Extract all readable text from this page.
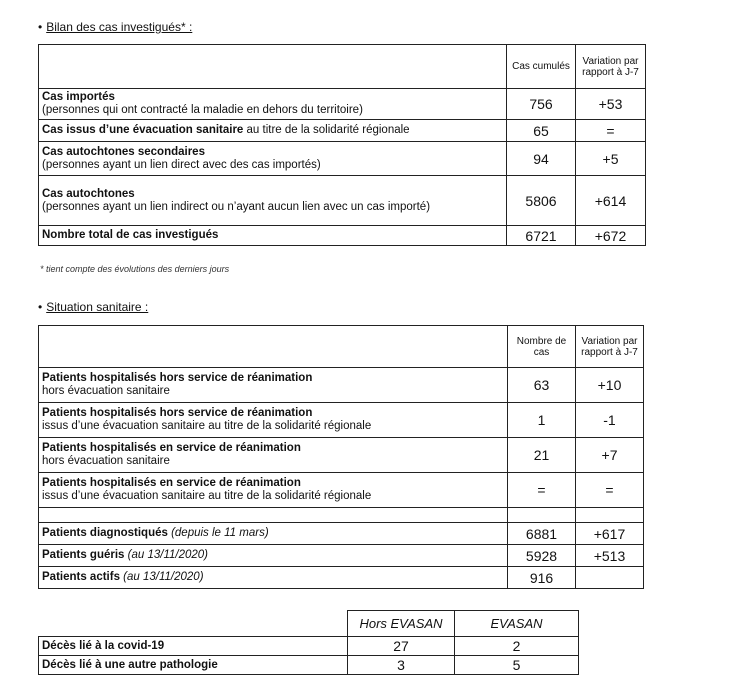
• Bilan des cas investigués* :
	Cas cumulés	Variation par rapport à J-7
Cas importés
(personnes qui ont contracté la maladie en dehors du territoire)	756	+53
Cas issus d’une évacuation sanitaire au titre de la solidarité régionale	65	=
Cas autochtones secondaires
(personnes ayant un lien direct avec des cas importés)	94	+5
Cas autochtones
(personnes ayant un lien indirect ou n’ayant aucun lien avec un cas importé)	5806	+614
Nombre total de cas investigués	6721	+672
* tient compte des évolutions des derniers jours
• Situation sanitaire :
	Nombre de cas	Variation par rapport à J-7
Patients hospitalisés hors service de réanimation
hors évacuation sanitaire	63	+10
Patients hospitalisés hors service de réanimation
issus d’une évacuation sanitaire au titre de la solidarité régionale	1	-1
Patients hospitalisés en service de réanimation
hors évacuation sanitaire	21	+7
Patients hospitalisés en service de réanimation
issus d’une évacuation sanitaire au titre de la solidarité régionale	=	=

Patients diagnostiqués (depuis le 11 mars)	6881	+617
Patients guéris (au 13/11/2020)	5928	+513
Patients actifs (au 13/11/2020)	916	
	Hors EVASAN	EVASAN
Décès lié à la covid-19	27	2
Décès lié à une autre pathologie	3	5
